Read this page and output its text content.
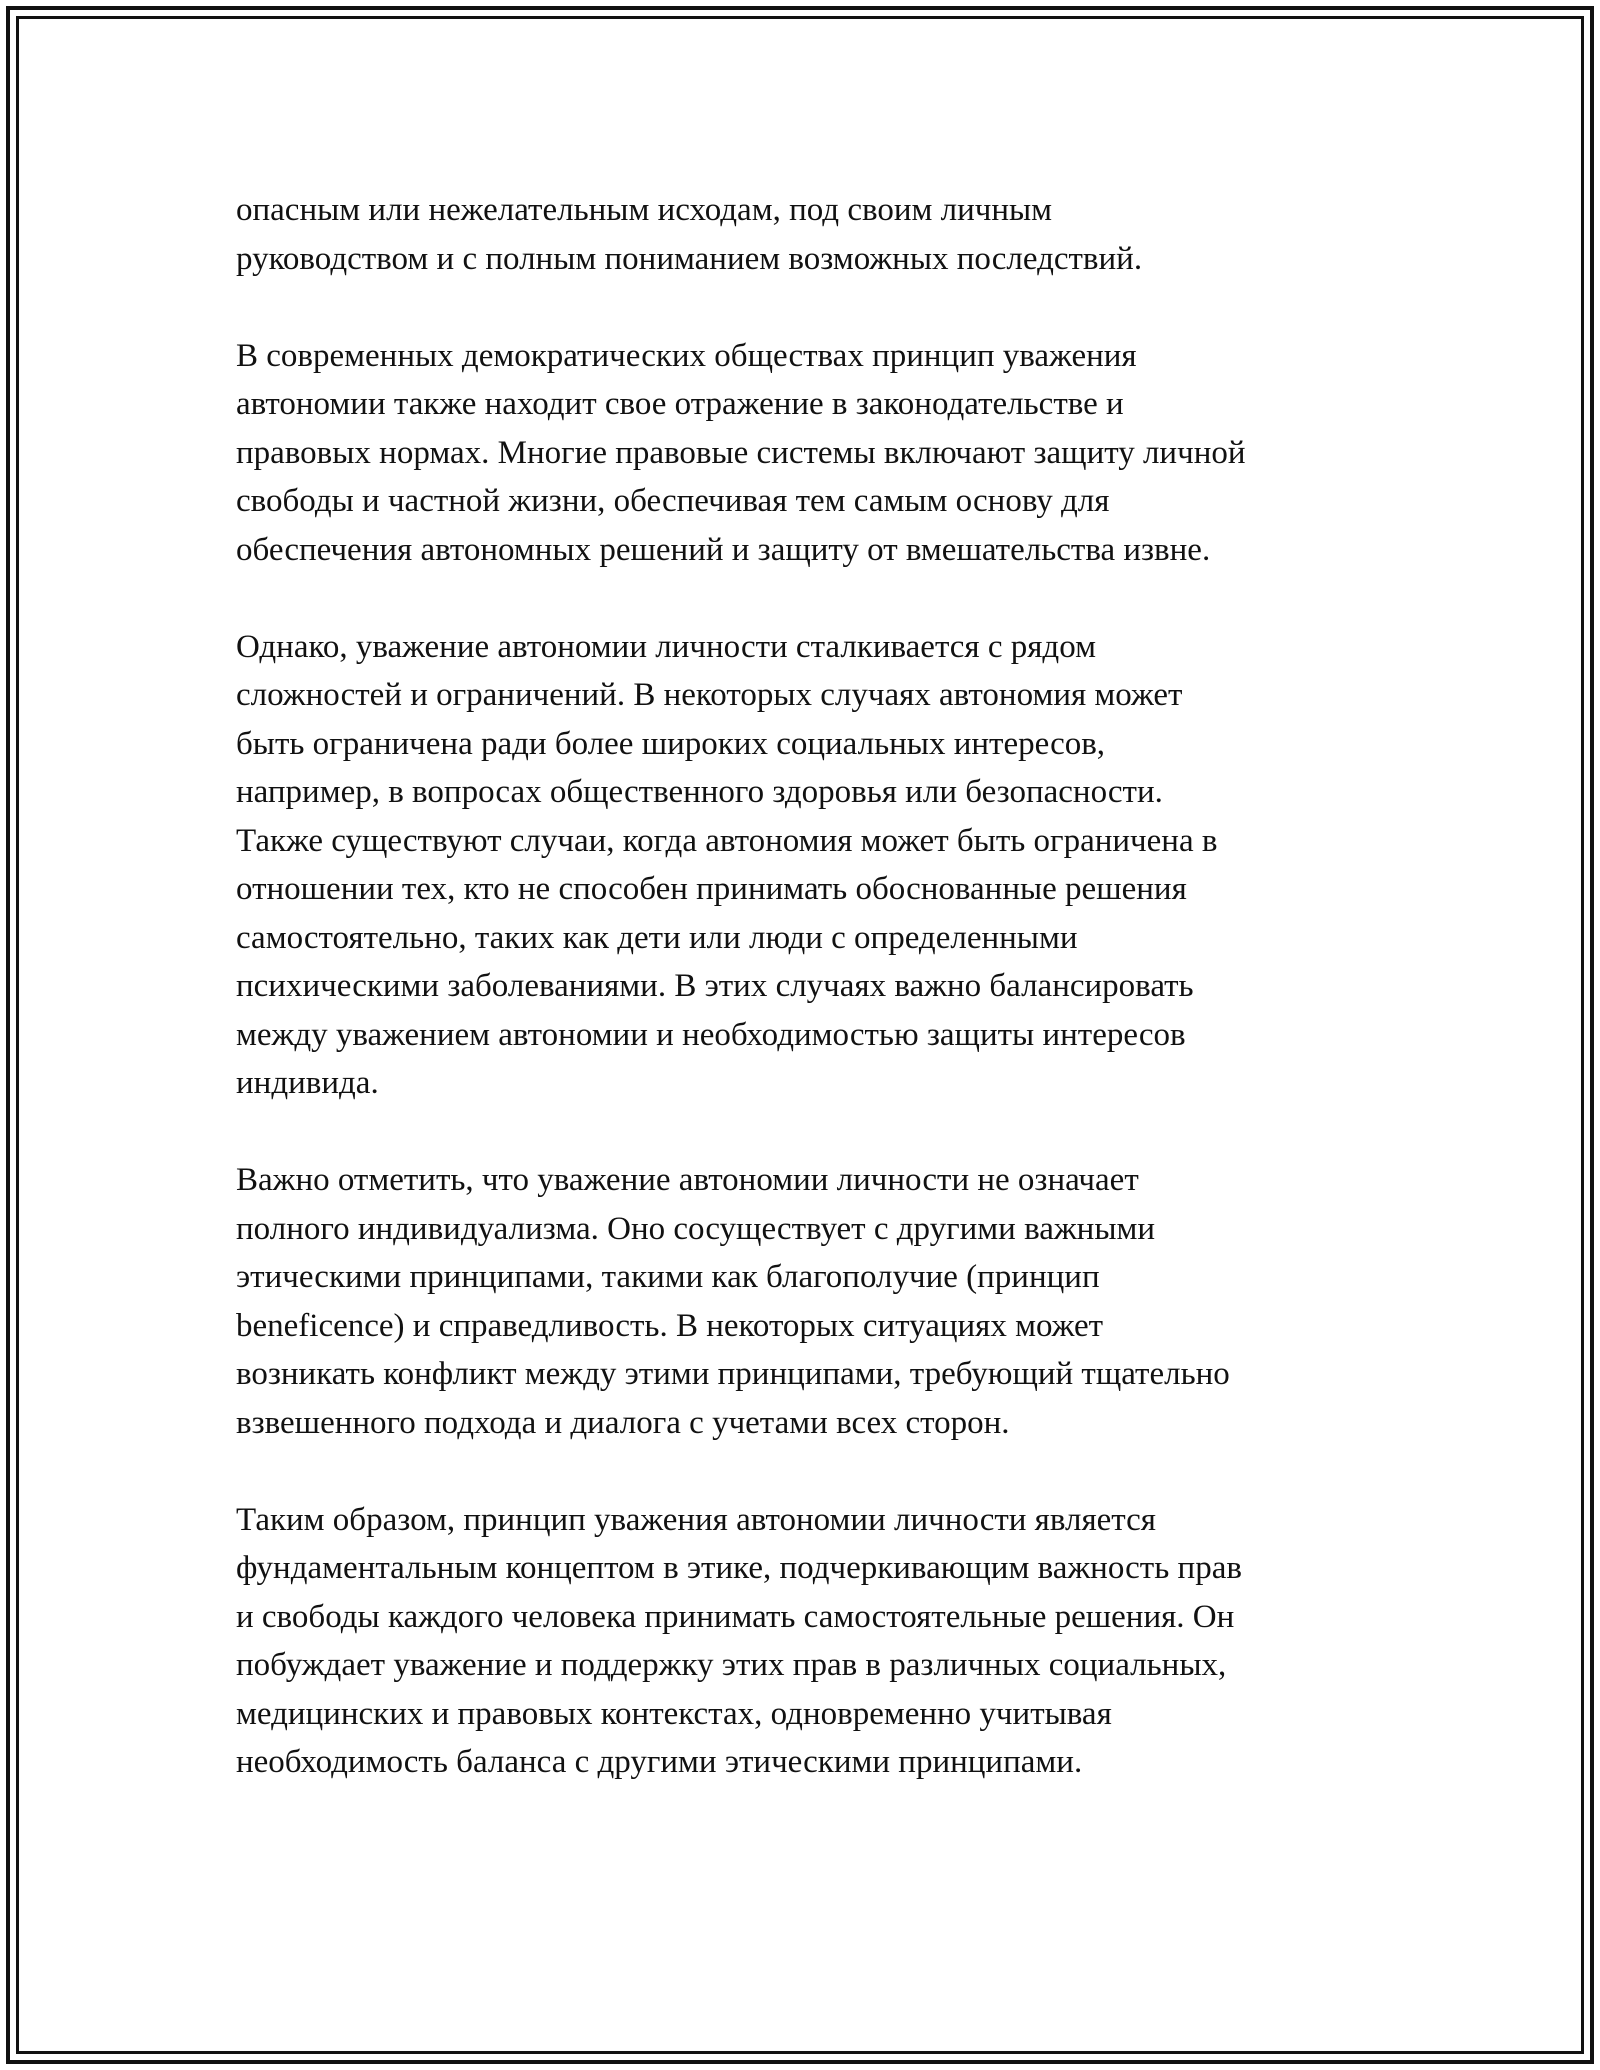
опасным или нежелательным исходам, под своим личным
руководством и с полным пониманием возможных последствий.

В современных демократических обществах принцип уважения
автономии также находит свое отражение в законодательстве и
правовых нормах. Многие правовые системы включают защиту личной
свободы и частной жизни, обеспечивая тем самым основу для
обеспечения автономных решений и защиту от вмешательства извне.

Однако, уважение автономии личности сталкивается с рядом
сложностей и ограничений. В некоторых случаях автономия может
быть ограничена ради более широких социальных интересов,
например, в вопросах общественного здоровья или безопасности.
Также существуют случаи, когда автономия может быть ограничена в
отношении тех, кто не способен принимать обоснованные решения
самостоятельно, таких как дети или люди с определенными
психическими заболеваниями. В этих случаях важно балансировать
между уважением автономии и необходимостью защиты интересов
индивида.

Важно отметить, что уважение автономии личности не означает
полного индивидуализма. Оно сосуществует с другими важными
этическими принципами, такими как благополучие (принцип
beneficence) и справедливость. В некоторых ситуациях может
возникать конфликт между этими принципами, требующий тщательно
взвешенного подхода и диалога с учетами всех сторон.

Таким образом, принцип уважения автономии личности является
фундаментальным концептом в этике, подчеркивающим важность прав
и свободы каждого человека принимать самостоятельные решения. Он
побуждает уважение и поддержку этих прав в различных социальных,
медицинских и правовых контекстах, одновременно учитывая
необходимость баланса с другими этическими принципами.
